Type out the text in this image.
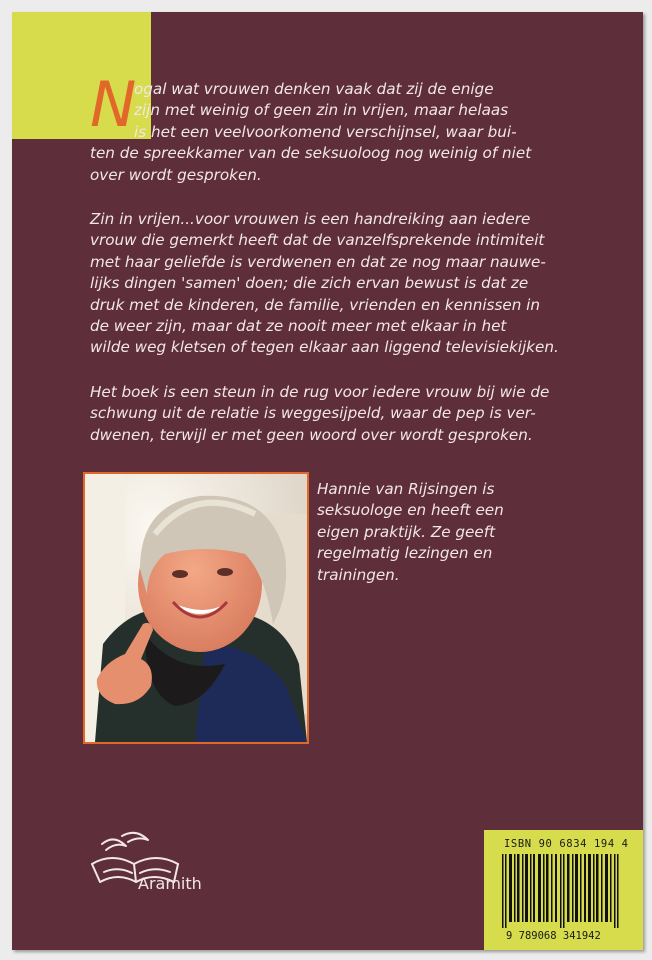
N
ogal wat vrouwen denken vaak dat zij de enige
zijn met weinig of geen zin in vrijen, maar helaas
is het een veelvoorkomend verschijnsel, waar bui-
ten de spreekkamer van de seksuoloog nog weinig of niet
over wordt gesproken.
Zin in vrijen...voor vrouwen is een handreiking aan iedere
vrouw die gemerkt heeft dat de vanzelfsprekende intimiteit
met haar geliefde is verdwenen en dat ze nog maar nauwe-
lijks dingen 'samen' doen; die zich ervan bewust is dat ze
druk met de kinderen, de familie, vrienden en kennissen in
de weer zijn, maar dat ze nooit meer met elkaar in het
wilde weg kletsen of tegen elkaar aan liggend televisiekijken.
Het boek is een steun in de rug voor iedere vrouw bij wie de
schwung uit de relatie is weggesijpeld, waar de pep is ver-
dwenen, terwijl er met geen woord over wordt gesproken.
Hannie van Rijsingen is
seksuologe en heeft een
eigen praktijk. Ze geeft
regelmatig lezingen en
trainingen.
Aramith
ISBN 90 6834 194 4
9 789068 341942
